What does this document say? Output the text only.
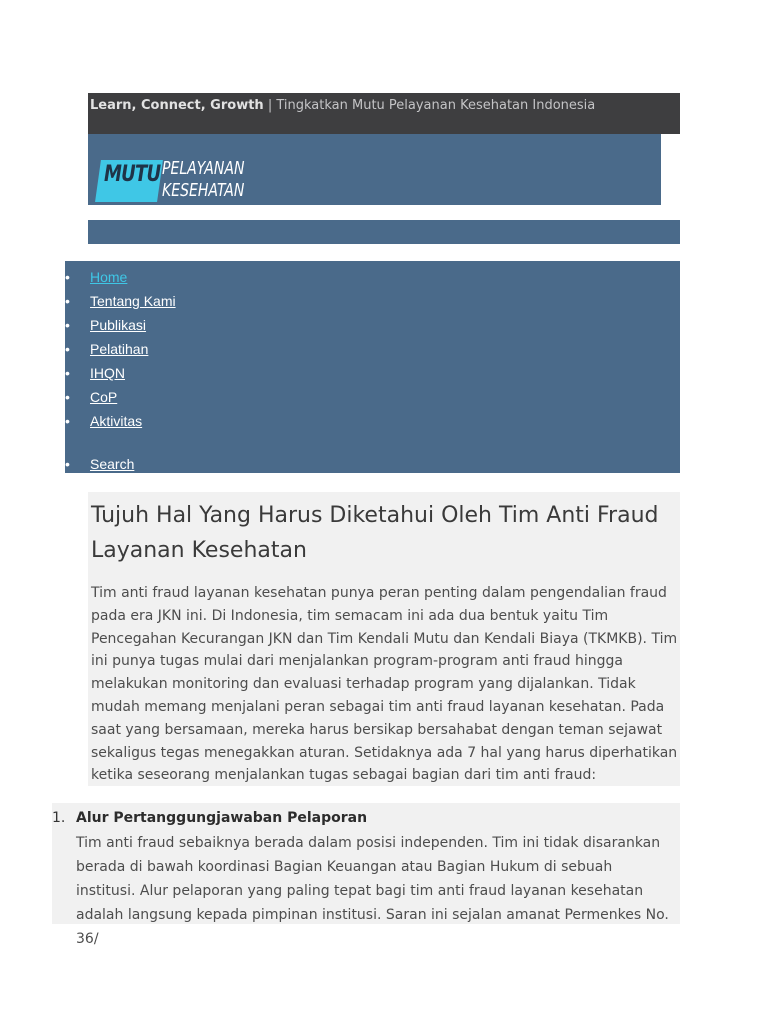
Learn, Connect, Growth | Tingkatkan Mutu Pelayanan Kesehatan Indonesia
MUTU PELAYANAN
KESEHATAN
• Home
• Tentang Kami
• Publikasi
• Pelatihan
• IHQN
• CoP
• Aktivitas
• Search
Tujuh Hal Yang Harus Diketahui Oleh Tim Anti Fraud Layanan Kesehatan

Tim anti fraud layanan kesehatan punya peran penting dalam pengendalian fraud pada era JKN ini. Di Indonesia, tim semacam ini ada dua bentuk yaitu Tim Pencegahan Kecurangan JKN dan Tim Kendali Mutu dan Kendali Biaya (TKMKB). Tim ini punya tugas mulai dari menjalankan program-program anti fraud hingga melakukan monitoring dan evaluasi terhadap program yang dijalankan. Tidak mudah memang menjalani peran sebagai tim anti fraud layanan kesehatan. Pada saat yang bersamaan, mereka harus bersikap bersahabat dengan teman sejawat sekaligus tegas menegakkan aturan. Setidaknya ada 7 hal yang harus diperhatikan ketika seseorang menjalankan tugas sebagai bagian dari tim anti fraud:

1. Alur Pertanggungjawaban Pelaporan

Tim anti fraud sebaiknya berada dalam posisi independen. Tim ini tidak disarankan berada di bawah koordinasi Bagian Keuangan atau Bagian Hukum di sebuah institusi. Alur pelaporan yang paling tepat bagi tim anti fraud layanan kesehatan adalah langsung kepada pimpinan institusi. Saran ini sejalan amanat Permenkes No. 36/
